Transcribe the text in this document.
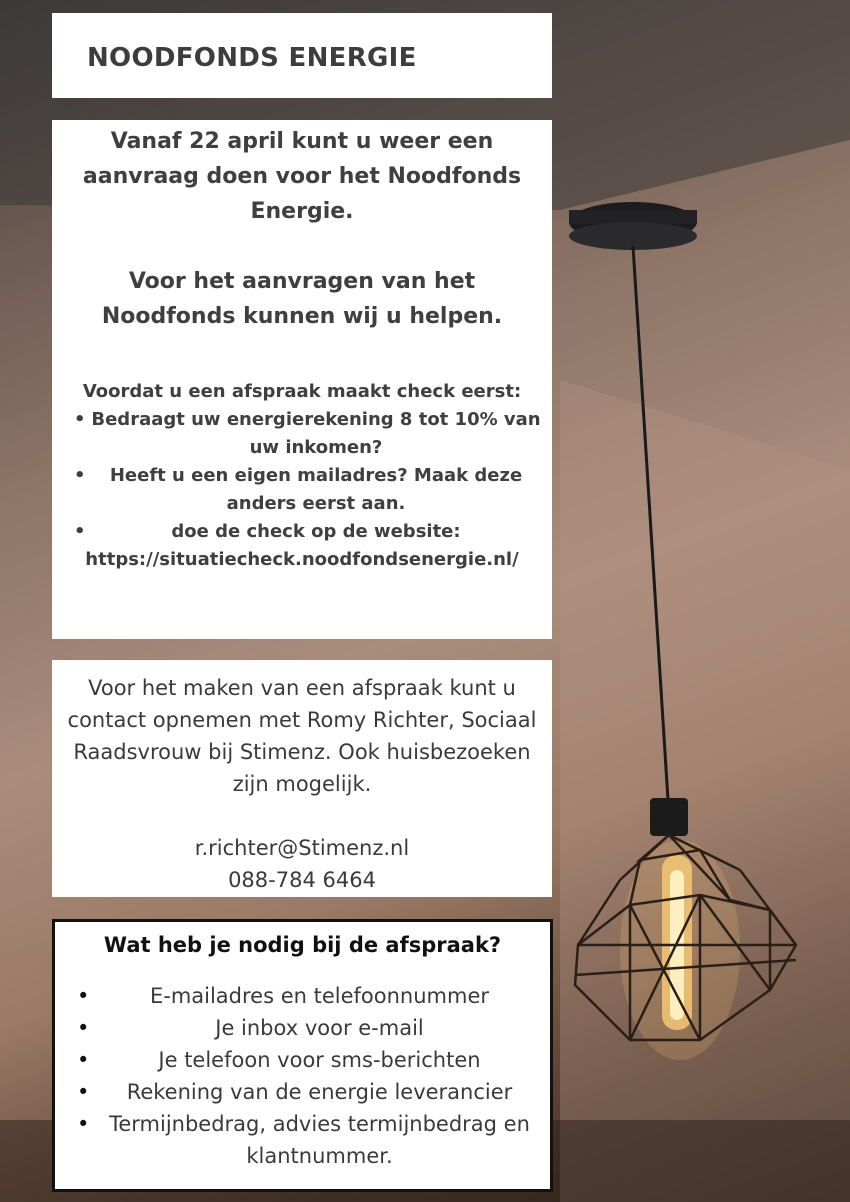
NOODFONDS ENERGIE

Vanaf 22 april kunt u weer een aanvraag doen voor het Noodfonds Energie.

Voor het aanvragen van het Noodfonds kunnen wij u helpen.

Voordat u een afspraak maakt check eerst:

• Bedraagt uw energierekening 8 tot 10% van uw inkomen?
• Heeft u een eigen mailadres? Maak deze anders eerst aan.
•	doe de check op de website:

https://situatiecheck.noodfondsenergie.nl/

Voor het maken van een afspraak kunt u contact opnemen met Romy Richter, Sociaal Raadsvrouw bij Stimenz. Ook huisbezoeken zijn mogelijk.

r.richter@Stimenz.nl

088-784 6464

Wat heb je nodig bij de afspraak?

•	E-mailadres en telefoonnummer
•	Je inbox voor e-mail
•	Je telefoon voor sms-berichten
• Rekening van de energie leverancier
• Termijnbedrag, advies termijnbedrag en klantnummer.
